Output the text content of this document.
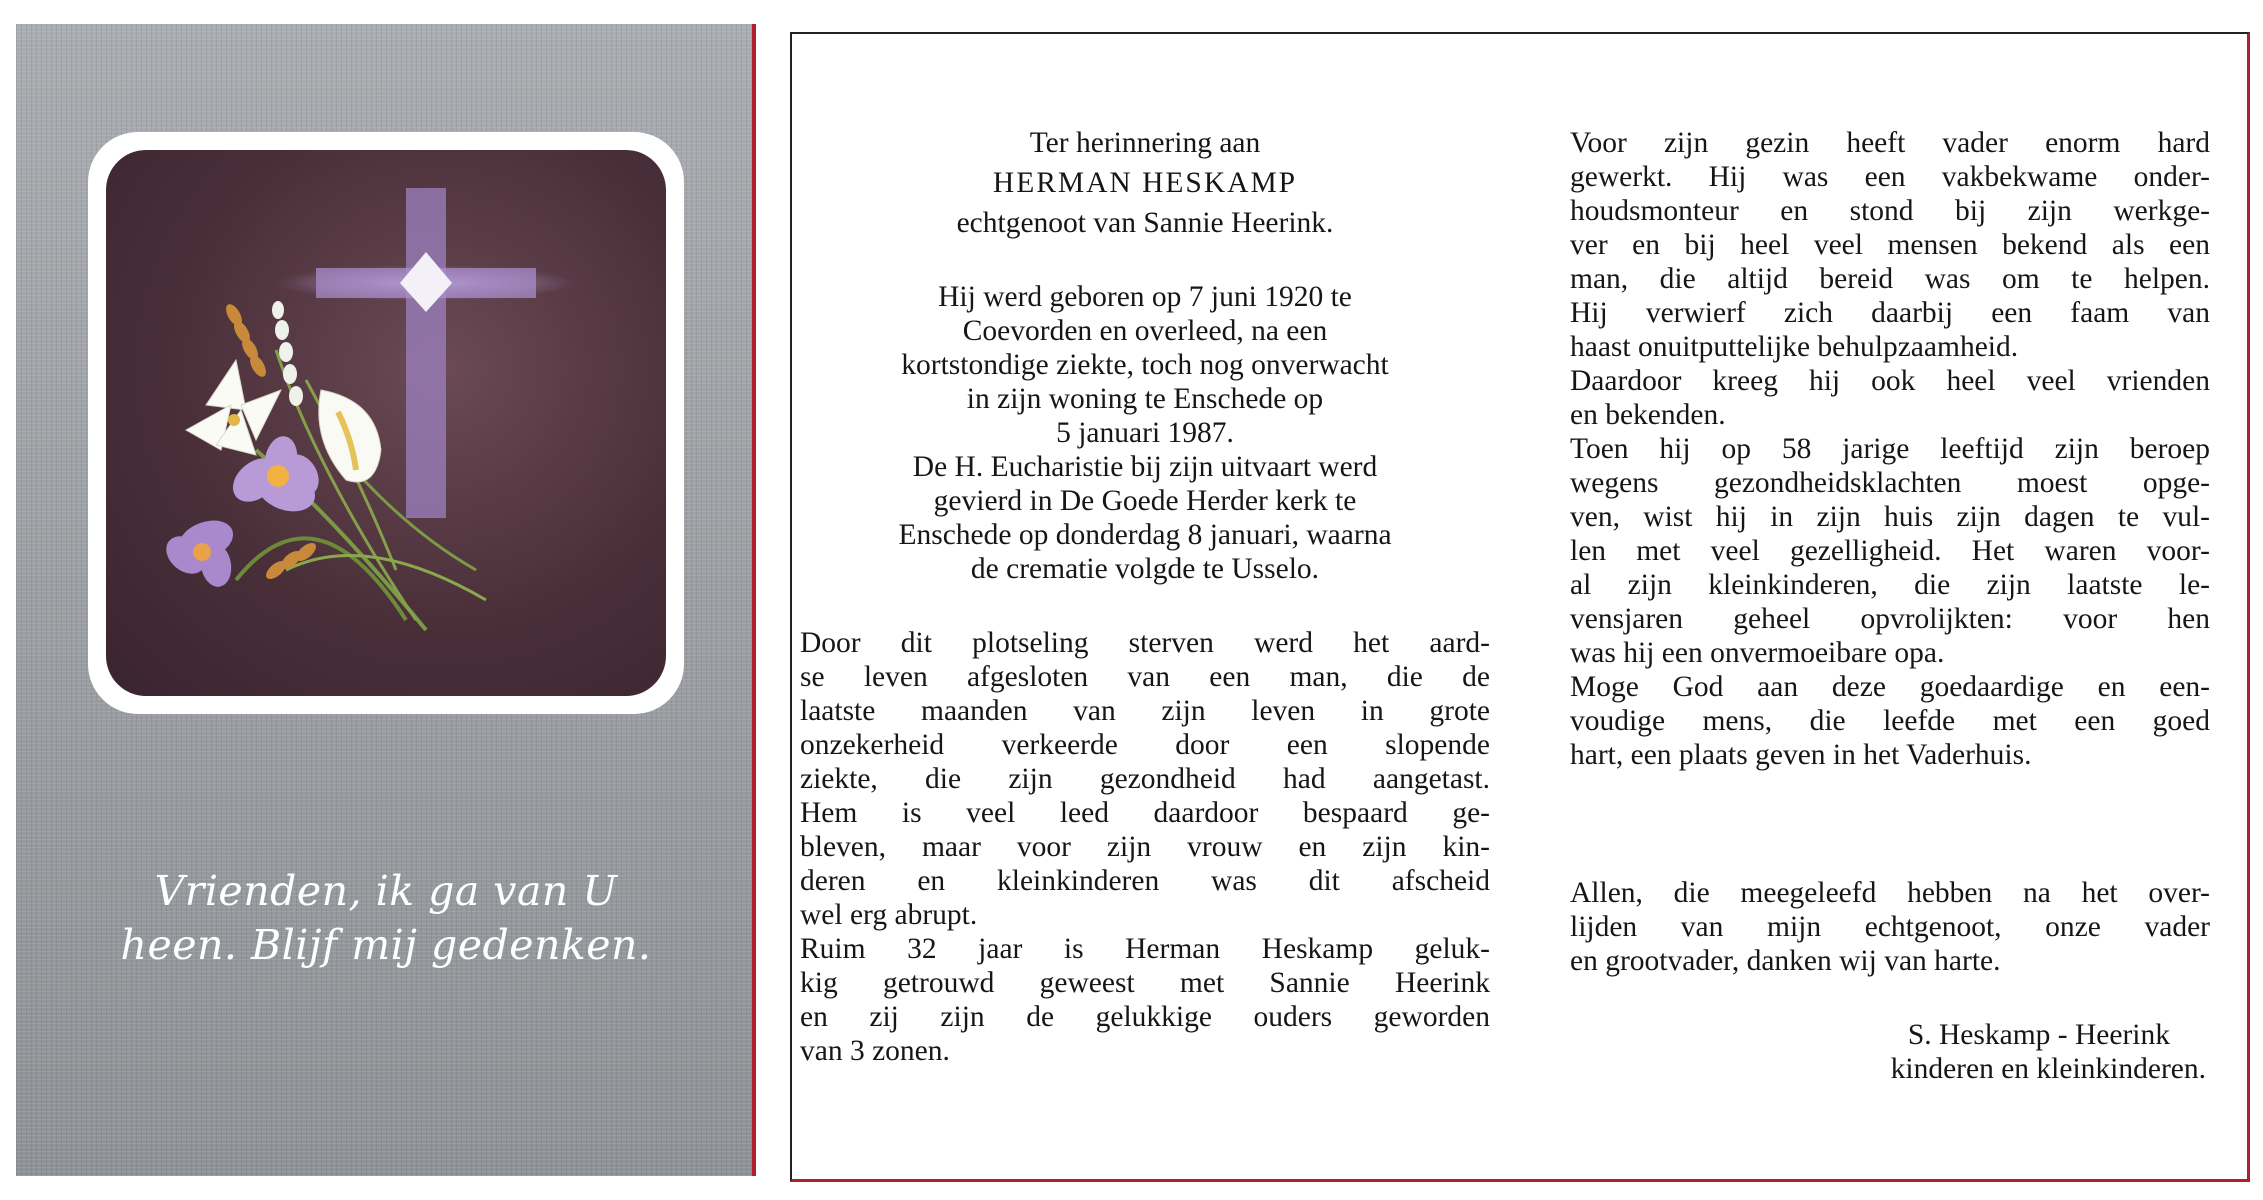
Vrienden, ik ga van U
heen. Blijf mij gedenken.
Ter herinnering aan
HERMAN HESKAMP
echtgenoot van Sannie Heerink.
Hij werd geboren op 7 juni 1920 te
Coevorden en overleed, na een
kortstondige ziekte, toch nog onverwacht
in zijn woning te Enschede op
5 januari 1987.
De H. Eucharistie bij zijn uitvaart werd
gevierd in De Goede Herder kerk te
Enschede op donderdag 8 januari, waarna
de crematie volgde te Usselo.
Door dit plotseling sterven werd het aard-
se leven afgesloten van een man, die de
laatste maanden van zijn leven in grote
onzekerheid verkeerde door een slopende
ziekte, die zijn gezondheid had aangetast.
Hem is veel leed daardoor bespaard ge-
bleven, maar voor zijn vrouw en zijn kin-
deren en kleinkinderen was dit afscheid
wel erg abrupt.
Ruim 32 jaar is Herman Heskamp geluk-
kig getrouwd geweest met Sannie Heerink
en zij zijn de gelukkige ouders geworden
van 3 zonen.
Voor zijn gezin heeft vader enorm hard
gewerkt. Hij was een vakbekwame onder-
houdsmonteur en stond bij zijn werkge-
ver en bij heel veel mensen bekend als een
man, die altijd bereid was om te helpen.
Hij verwierf zich daarbij een faam van
haast onuitputtelijke behulpzaamheid.
Daardoor kreeg hij ook heel veel vrienden
en bekenden.
Toen hij op 58 jarige leeftijd zijn beroep
wegens gezondheidsklachten moest opge-
ven, wist hij in zijn huis zijn dagen te vul-
len met veel gezelligheid. Het waren voor-
al zijn kleinkinderen, die zijn laatste le-
vensjaren geheel opvrolijkten: voor hen
was hij een onvermoeibare opa.
Moge God aan deze goedaardige en een-
voudige mens, die leefde met een goed
hart, een plaats geven in het Vaderhuis.
Allen, die meegeleefd hebben na het over-
lijden van mijn echtgenoot, onze vader
en grootvader, danken wij van harte.
S. Heskamp - Heerink
kinderen en kleinkinderen.
